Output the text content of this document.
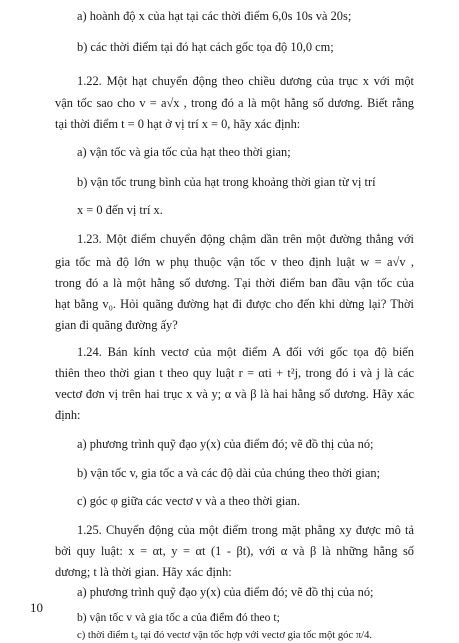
a) hoành độ x của hạt tại các thời điểm 6,0s 10s và 20s;
b) các thời điểm tại đó hạt cách gốc tọa độ 10,0 cm;
1.22. Một hạt chuyển động theo chiều dương của trục x với một
vận tốc sao cho v = a√x , trong đó a là một hằng số dương. Biết rằng
tại thời điểm t = 0 hạt ở vị trí x = 0, hãy xác định:
a) vận tốc và gia tốc của hạt theo thời gian;
b) vận tốc trung bình của hạt trong khoảng thời gian từ vị trí
x = 0 đến vị trí x.
1.23. Một điểm chuyển động chậm dần trên một đường thẳng với
gia tốc mà độ lớn w phụ thuộc vận tốc v theo định luật w = a√v ,
trong đó a là một hằng số dương. Tại thời điểm ban đầu vận tốc của
hạt bằng v₀. Hỏi quãng đường hạt đi được cho đến khi dừng lại? Thời
gian đi quãng đường ấy?
1.24. Bán kính vectơ của một điểm A đối với gốc tọa độ biến
thiên theo thời gian t theo quy luật r = αti + t²j, trong đó i và j là các
vectơ đơn vị trên hai trục x và y; α và β là hai hằng số dương. Hãy xác
định:
a) phương trình quỹ đạo y(x) của điểm đó; vẽ đồ thị của nó;
b) vận tốc v, gia tốc a và các độ dài của chúng theo thời gian;
c) góc φ giữa các vectơ v và a theo thời gian.
1.25. Chuyển động của một điểm trong mặt phẳng xy được mô tả
bởi quy luật: x = αt, y = αt (1 - βt), với α và β là những hằng số
dương; t là thời gian. Hãy xác định:
a) phương trình quỹ đạo y(x) của điểm đó; vẽ đồ thị của nó;
b) vận tốc v và gia tốc a của điểm đó theo t;
c) thời điểm t₀ tại đó vectơ vận tốc hợp với vectơ gia tốc một góc π/4.
10
